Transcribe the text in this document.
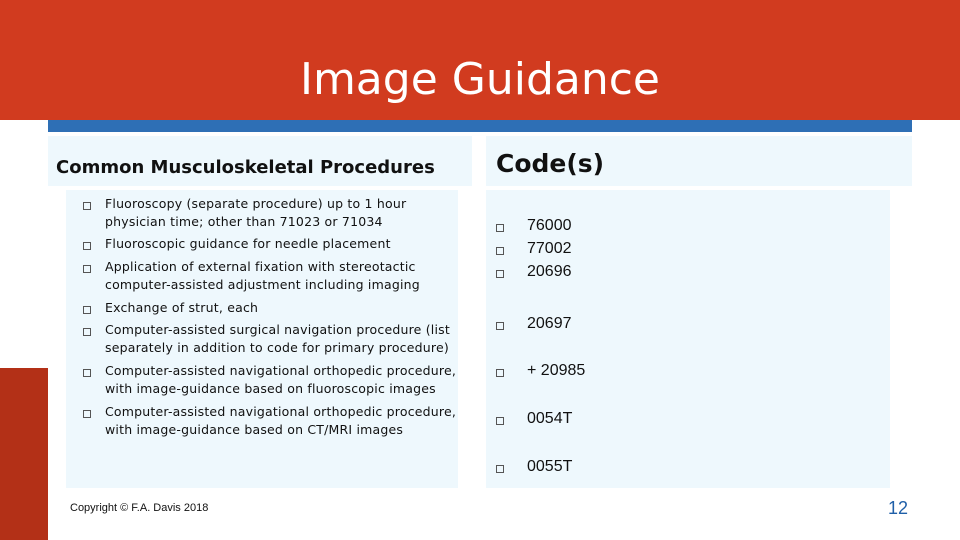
Image Guidance
Common Musculoskeletal Procedures Code(s)
Fluoroscopy (separate procedure) up to 1 hour physician time; other than 71023 or 71034
Fluoroscopic guidance for needle placement
Application of external fixation with stereotactic computer-assisted adjustment including imaging
Exchange of strut, each
Computer-assisted surgical navigation procedure (list separately in addition to code for primary procedure)
Computer-assisted navigational orthopedic procedure, with image-guidance based on fluoroscopic images
Computer-assisted navigational orthopedic procedure, with image-guidance based on CT/MRI images
76000
77002
20696
20697
+ 20985
0054T
0055T
Copyright © F.A. Davis 2018	12
